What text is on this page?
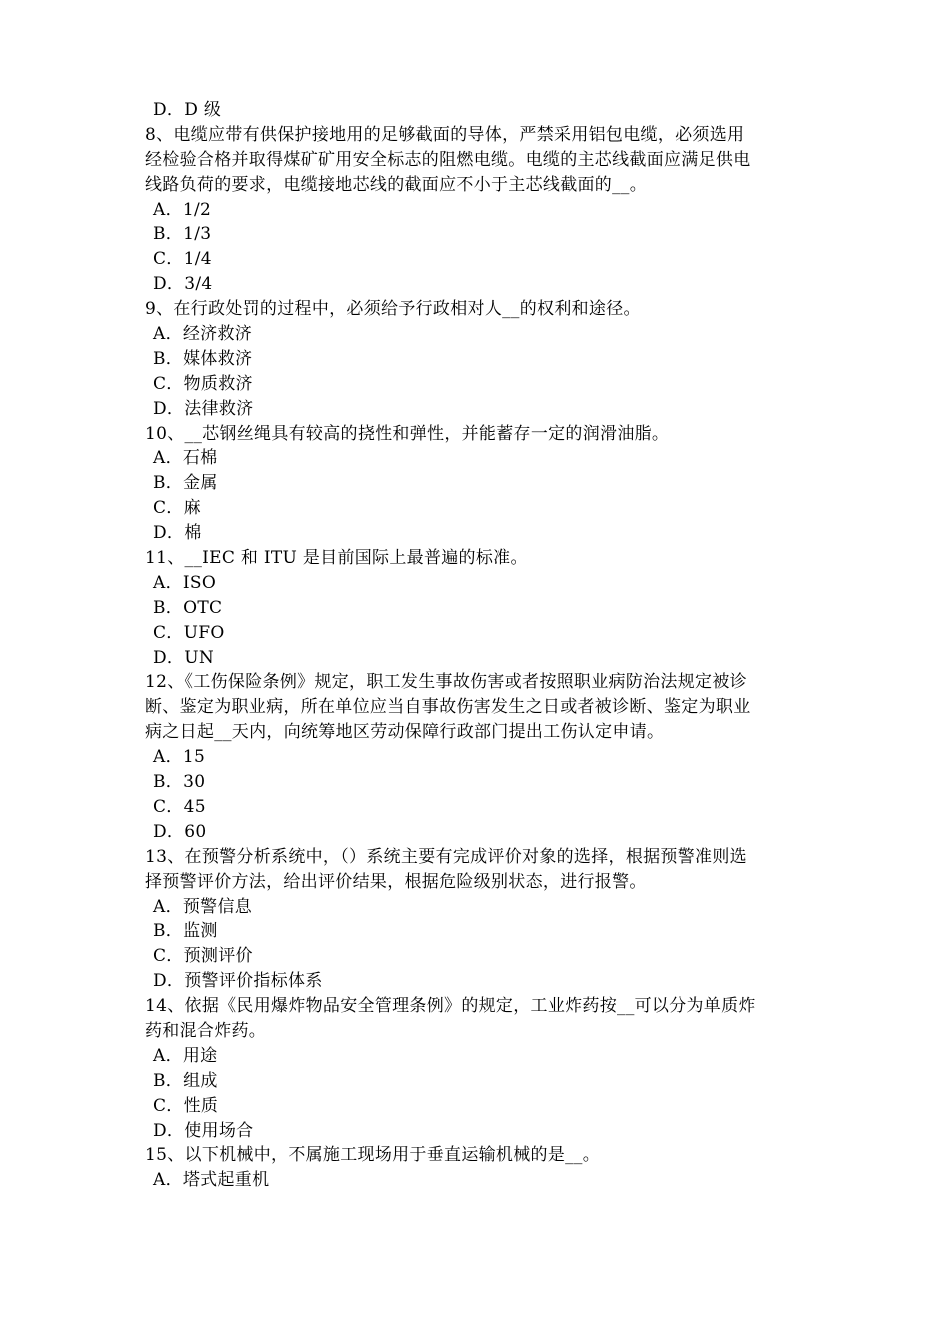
D．D 级
8、电缆应带有供保护接地用的足够截面的导体，严禁采用铝包电缆，必须选用
经检验合格并取得煤矿矿用安全标志的阻燃电缆。电缆的主芯线截面应满足供电
线路负荷的要求，电缆接地芯线的截面应不小于主芯线截面的__。
A．1/2
B．1/3
C．1/4
D．3/4
9、在行政处罚的过程中，必须给予行政相对人__的权利和途径。
A．经济救济
B．媒体救济
C．物质救济
D．法律救济
10、__芯钢丝绳具有较高的挠性和弹性，并能蓄存一定的润滑油脂。
A．石棉
B．金属
C．麻
D．棉
11、__IEC 和 ITU 是目前国际上最普遍的标准。
A．ISO
B．OTC
C．UFO
D．UN
12、《工伤保险条例》规定，职工发生事故伤害或者按照职业病防治法规定被诊
断、鉴定为职业病，所在单位应当自事故伤害发生之日或者被诊断、鉴定为职业
病之日起__天内，向统筹地区劳动保障行政部门提出工伤认定申请。
A．15
B．30
C．45
D．60
13、在预警分析系统中，（）系统主要有完成评价对象的选择，根据预警准则选
择预警评价方法，给出评价结果，根据危险级别状态，进行报警。
A．预警信息
B．监测
C．预测评价
D．预警评价指标体系
14、依据《民用爆炸物品安全管理条例》的规定，工业炸药按__可以分为单质炸
药和混合炸药。
A．用途
B．组成
C．性质
D．使用场合
15、以下机械中，不属施工现场用于垂直运输机械的是__。
A．塔式起重机
